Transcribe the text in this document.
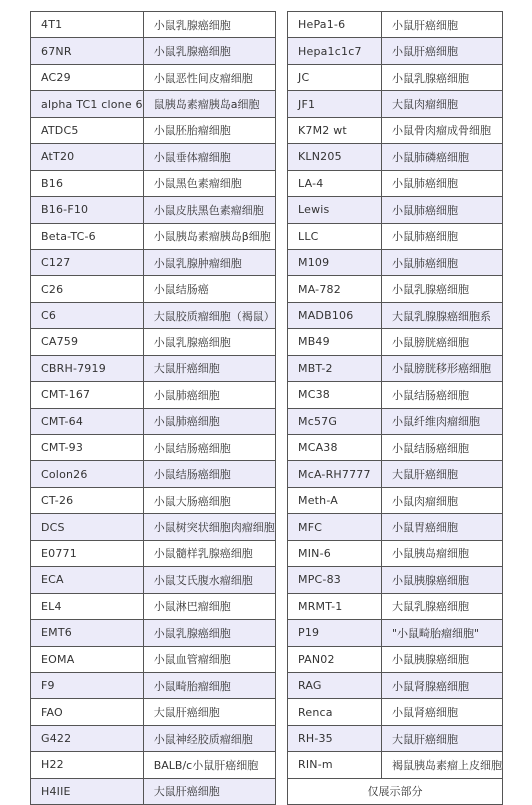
4T1	小鼠乳腺癌细胞
67NR	小鼠乳腺癌细胞
AC29	小鼠恶性间皮瘤细胞
alpha TC1 clone 6	鼠胰岛素瘤胰岛a细胞
ATDC5	小鼠胚胎瘤细胞
AtT20	小鼠垂体瘤细胞
B16	小鼠黑色素瘤细胞
B16-F10	小鼠皮肤黑色素瘤细胞
Beta-TC-6	小鼠胰岛素瘤胰岛β细胞
C127	小鼠乳腺肿瘤细胞
C26	小鼠结肠癌
C6	大鼠胶质瘤细胞（褐鼠）
CA759	小鼠乳腺癌细胞
CBRH-7919	大鼠肝癌细胞
CMT-167	小鼠肺癌细胞
CMT-64	小鼠肺癌细胞
CMT-93	小鼠结肠癌细胞
Colon26	小鼠结肠癌细胞
CT-26	小鼠大肠癌细胞
DCS	小鼠树突状细胞肉瘤细胞
E0771	小鼠髓样乳腺癌细胞
ECA	小鼠艾氏腹水瘤细胞
EL4	小鼠淋巴瘤细胞
EMT6	小鼠乳腺癌细胞
EOMA	小鼠血管瘤细胞
F9	小鼠畸胎瘤细胞
FAO	大鼠肝癌细胞
G422	小鼠神经胶质瘤细胞
H22	BALB/c小鼠肝癌细胞
H4IIE	大鼠肝癌细胞
HePa1-6	小鼠肝癌细胞
Hepa1c1c7	小鼠肝癌细胞
JC	小鼠乳腺癌细胞
JF1	大鼠肉瘤细胞
K7M2 wt	小鼠骨肉瘤成骨细胞
KLN205	小鼠肺磷癌细胞
LA-4	小鼠肺癌细胞
Lewis	小鼠肺癌细胞
LLC	小鼠肺癌细胞
M109	小鼠肺癌细胞
MA-782	小鼠乳腺癌细胞
MADB106	大鼠乳腺腺癌细胞系
MB49	小鼠膀胱癌细胞
MBT-2	小鼠膀胱移形癌细胞
MC38	小鼠结肠癌细胞
Mc57G	小鼠纤维肉瘤细胞
MCA38	小鼠结肠癌细胞
McA-RH7777	大鼠肝癌细胞
Meth-A	小鼠肉瘤细胞
MFC	小鼠胃癌细胞
MIN-6	小鼠胰岛瘤细胞
MPC-83	小鼠胰腺癌细胞
MRMT-1	大鼠乳腺癌细胞
P19	"小鼠畸胎瘤细胞"
PAN02	小鼠胰腺癌细胞
RAG	小鼠肾腺癌细胞
Renca	小鼠肾癌细胞
RH-35	大鼠肝癌细胞
RIN-m	褐鼠胰岛素瘤上皮细胞
仅展示部分	
